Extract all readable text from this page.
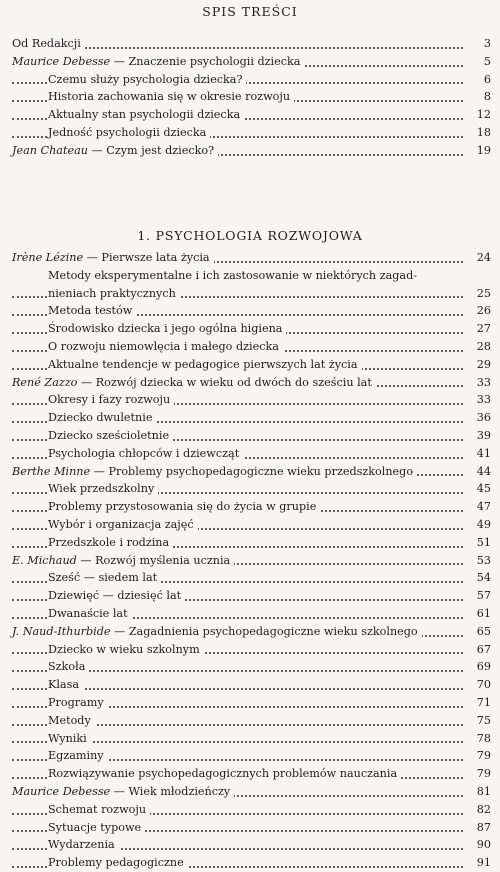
SPIS TREŚCI
Od Redakcji	3
Maurice Debesse — Znaczenie psychologii dziecka	5
Czemu służy psychologia dziecka?	6
Historia zachowania się w okresie rozwoju	8
Aktualny stan psychologii dziecka	12
Jedność psychologii dziecka	18
Jean Chateau — Czym jest dziecko?	19
1. PSYCHOLOGIA ROZWOJOWA
Irène Lézine — Pierwsze lata życia	24
Metody eksperymentalne i ich zastosowanie w niektórych zagad-
nieniach praktycznych	25
Metoda testów	26
Środowisko dziecka i jego ogólna higiena	27
O rozwoju niemowlęcia i małego dziecka	28
Aktualne tendencje w pedagogice pierwszych lat życia	29
René Zazzo — Rozwój dziecka w wieku od dwóch do sześciu lat	33
Okresy i fazy rozwoju	33
Dziecko dwuletnie	36
Dziecko sześcioletnie	39
Psychologia chłopców i dziewcząt	41
Berthe Minne — Problemy psychopedagogiczne wieku przedszkolnego	44
Wiek przedszkolny	45
Problemy przystosowania się do życia w grupie	47
Wybór i organizacja zajęć	49
Przedszkole i rodzina	51
E. Michaud — Rozwój myślenia ucznia	53
Sześć — siedem lat	54
Dziewięć — dziesięć lat	57
Dwanaście lat	61
J. Naud-Ithurbide — Zagadnienia psychopedagogiczne wieku szkolnego	65
Dziecko w wieku szkolnym	67
Szkoła	69
Klasa	70
Programy	71
Metody	75
Wyniki	78
Egzaminy	79
Rozwiązywanie psychopedagogicznych problemów nauczania	79
Maurice Debesse — Wiek młodzieńczy	81
Schemat rozwoju	82
Sytuacje typowe	87
Wydarzenia	90
Problemy pedagogiczne	91
